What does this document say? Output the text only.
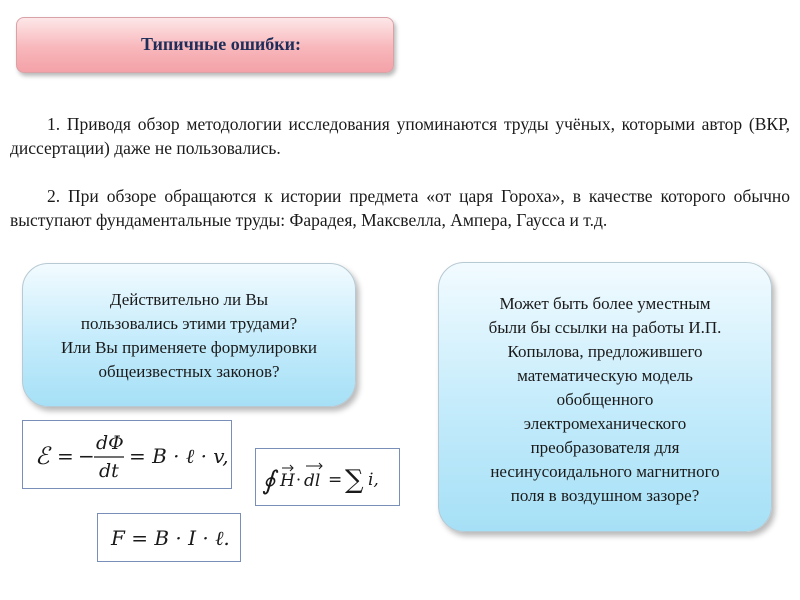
Типичные ошибки:

1. Приводя обзор методологии исследования упоминаются труды учёных, которыми автор (ВКР, диссертации) даже не пользовались.

2. При обзоре обращаются к истории предмета «от царя Гороха», в качестве которого обычно выступают фундаментальные труды: Фарадея, Максвелла, Ампера, Гаусса и т.д.

Действительно ли Вы
пользовались этими трудами?
Или Вы применяете формулировки
общеизвестных законов?
Может быть более уместным
были бы ссылки на работы И.П.
Копылова, предложившего
математическую модель
обобщенного
электромеханического
преобразователя для
несинусоидального магнитного
поля в воздушном зазоре?
ℰ = −
dΦ
dt
= B · ℓ · v,
∮ H · dl = ∑ i,
F = B · I · ℓ.
